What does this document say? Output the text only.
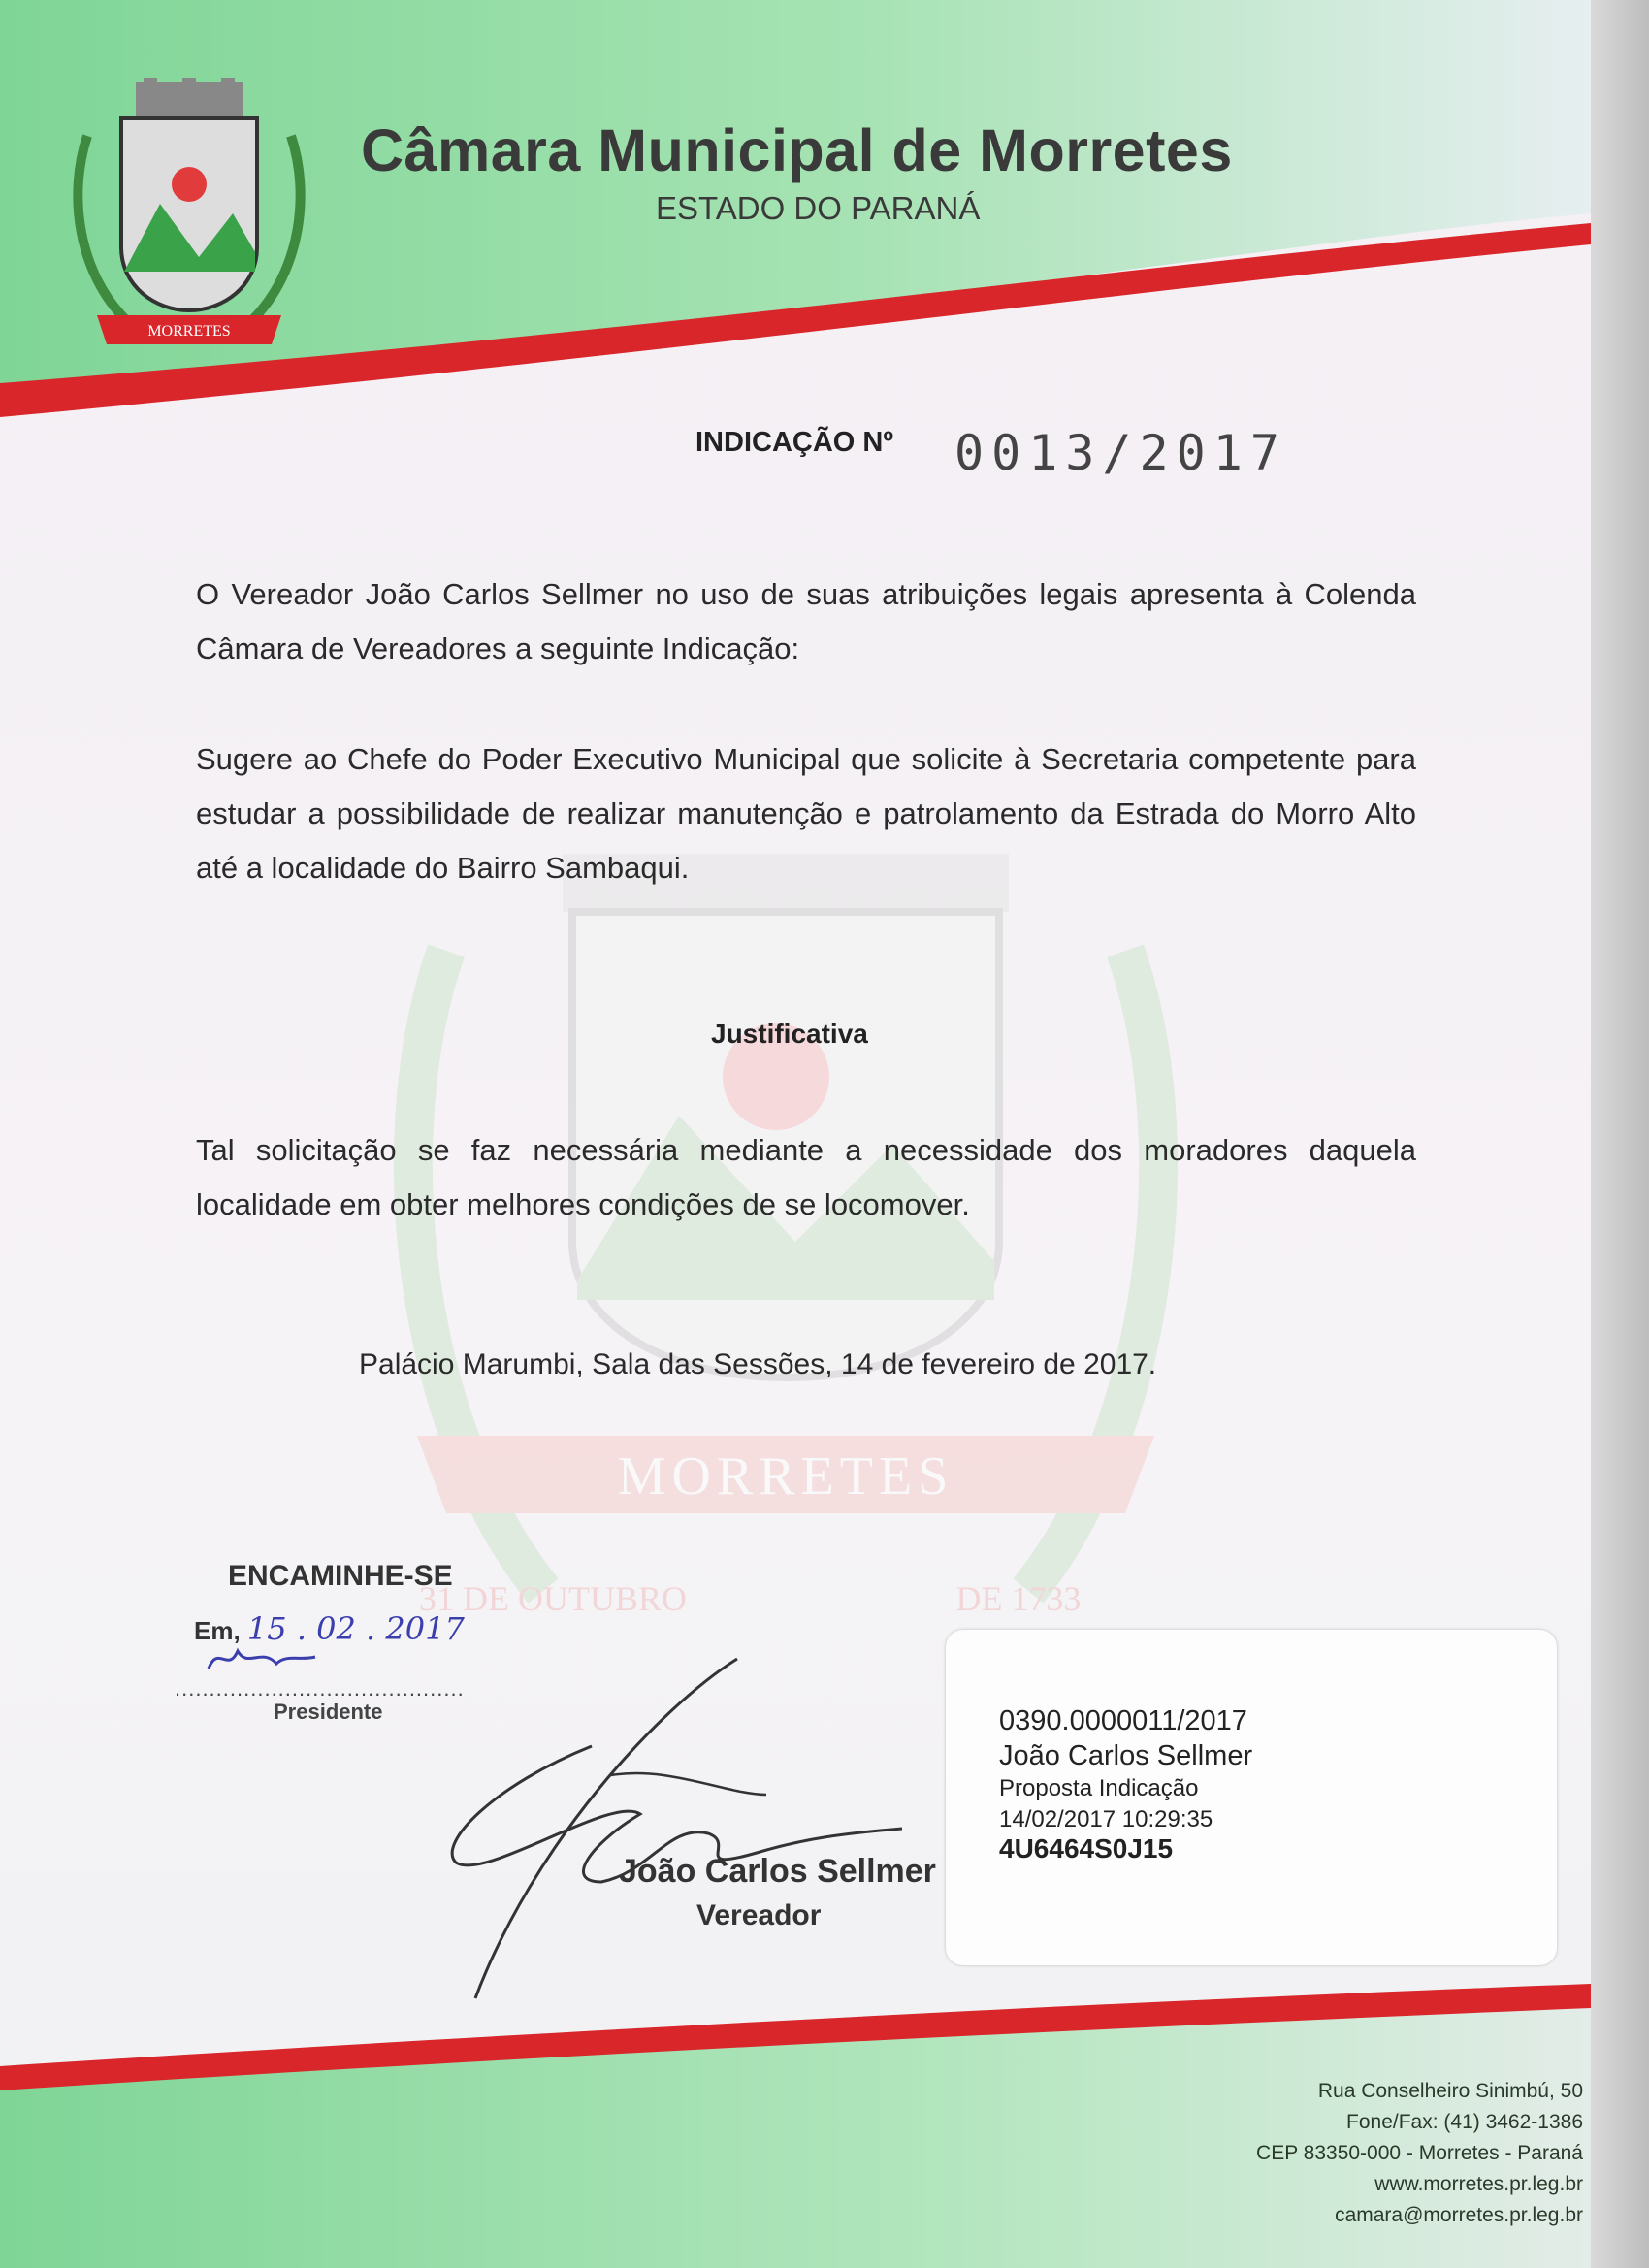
MORRETES
Câmara Municipal de Morretes
ESTADO DO PARANÁ
MORRETES
31 DE OUTUBRO	DE 1733
INDICAÇÃO Nº 0013/2017
O Vereador João Carlos Sellmer no uso de suas atribuições legais apresenta à Colenda Câmara de Vereadores a seguinte Indicação:
Sugere ao Chefe do Poder Executivo Municipal que solicite à Secretaria competente para estudar a possibilidade de realizar manutenção e patrolamento da Estrada do Morro Alto até a localidade do Bairro Sambaqui.
Justificativa
Tal solicitação se faz necessária mediante a necessidade dos moradores daquela localidade em obter melhores condições de se locomover.
Palácio Marumbi, Sala das Sessões, 14 de fevereiro de 2017.
ENCAMINHE-SE
Em, 15 . 02 . 2017
..........................................
Presidente
João Carlos Sellmer
Vereador
0390.0000011/2017
João Carlos Sellmer
Proposta Indicação
14/02/2017 10:29:35
4U6464S0J15
Rua Conselheiro Sinimbú, 50
Fone/Fax: (41) 3462-1386
CEP 83350-000 - Morretes - Paraná
www.morretes.pr.leg.br
camara@morretes.pr.leg.br
